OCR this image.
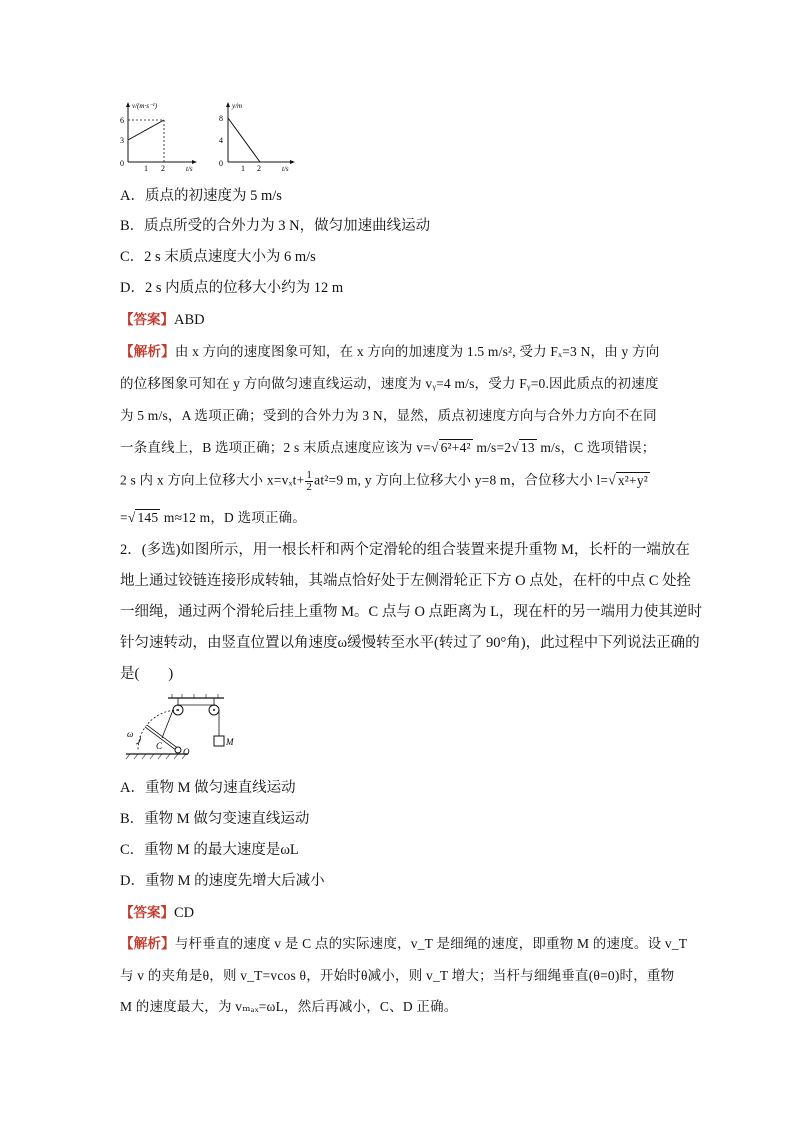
v/(m·s⁻¹)
6
3
0
1 2	t/s
y/m
8
4
0
1 2	t/s
A．质点的初速度为 5 m/s
B．质点所受的合外力为 3 N，做匀加速曲线运动
C．2 s 末质点速度大小为 6 m/s
D．2 s 内质点的位移大小约为 12 m
【答案】ABD
【解析】由 x 方向的速度图象可知，在 x 方向的加速度为 1.5 m/s², 受力 Fₓ=3 N，由 y 方向
的位移图象可知在 y 方向做匀速直线运动，速度为 vᵧ=4 m/s，受力 Fᵧ=0.因此质点的初速度
为 5 m/s，A 选项正确；受到的合外力为 3 N，显然，质点初速度方向与合外力方向不在同
一条直线上，B 选项正确；2 s 末质点速度应该为 v=√ 6²+4² m/s=2√ 13 m/s，C 选项错误；
2 s 内 x 方向上位移大小 $x=v_xt+ \frac{1}{2} at^2=9$ m, y 方向上位移大小 y=8 m，合位移大小 l=√ x²+y²
=√ 145 m≈12 m，D 选项正确。
2．(多选)如图所示，用一根长杆和两个定滑轮的组合装置来提升重物 M，长杆的一端放在
地上通过铰链连接形成转轴，其端点恰好处于左侧滑轮正下方 O 点处，在杆的中点 C 处拴
一细绳，通过两个滑轮后挂上重物 M。C 点与 O 点距离为 L，现在杆的另一端用力使其逆时
针匀速转动，由竖直位置以角速度ω缓慢转至水平(转过了 90°角)，此过程中下列说法正确的
是(　　)
ω
C
O
M
A．重物 M 做匀速直线运动
B．重物 M 做匀变速直线运动
C．重物 M 的最大速度是ωL
D．重物 M 的速度先增大后减小
【答案】CD
【解析】与杆垂直的速度 v 是 C 点的实际速度，v_T 是细绳的速度，即重物 M 的速度。设 v_T
与 v 的夹角是θ，则 v_T=vcos θ，开始时θ减小，则 v_T 增大；当杆与细绳垂直(θ=0)时，重物
M 的速度最大，为 vₘₐₓ=ωL，然后再减小，C、D 正确。
